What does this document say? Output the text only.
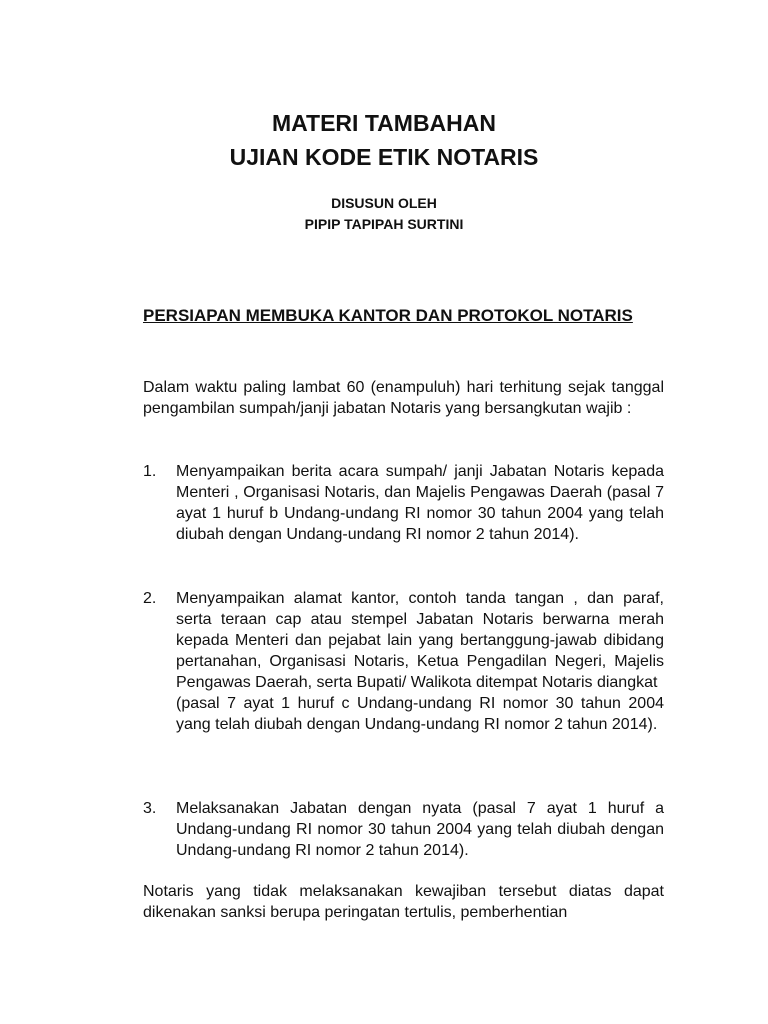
MATERI TAMBAHAN
UJIAN KODE ETIK NOTARIS
DISUSUN OLEH
PIPIP TAPIPAH SURTINI
PERSIAPAN MEMBUKA KANTOR DAN PROTOKOL NOTARIS
Dalam waktu paling lambat 60 (enampuluh) hari terhitung sejak tanggal pengambilan sumpah/janji jabatan Notaris yang bersangkutan wajib :
1.	Menyampaikan berita acara sumpah/ janji Jabatan Notaris kepada Menteri , Organisasi Notaris, dan Majelis Pengawas Daerah (pasal 7 ayat 1 huruf b Undang-undang RI nomor 30 tahun 2004 yang telah diubah dengan Undang-undang RI nomor 2 tahun 2014).
2.	Menyampaikan alamat kantor, contoh tanda tangan , dan paraf, serta teraan cap atau stempel Jabatan Notaris berwarna merah kepada Menteri dan pejabat lain yang bertanggung-jawab dibidang pertanahan, Organisasi Notaris, Ketua Pengadilan Negeri, Majelis Pengawas Daerah, serta Bupati/ Walikota ditempat Notaris diangkat
(pasal 7 ayat 1 huruf c Undang-undang RI nomor 30 tahun 2004 yang telah diubah dengan Undang-undang RI nomor 2 tahun 2014).
3.	Melaksanakan Jabatan dengan nyata (pasal 7 ayat 1 huruf a Undang-undang RI nomor 30 tahun 2004 yang telah diubah dengan Undang-undang RI nomor 2 tahun 2014).
Notaris yang tidak melaksanakan kewajiban tersebut diatas dapat dikenakan sanksi berupa peringatan tertulis, pemberhentian
